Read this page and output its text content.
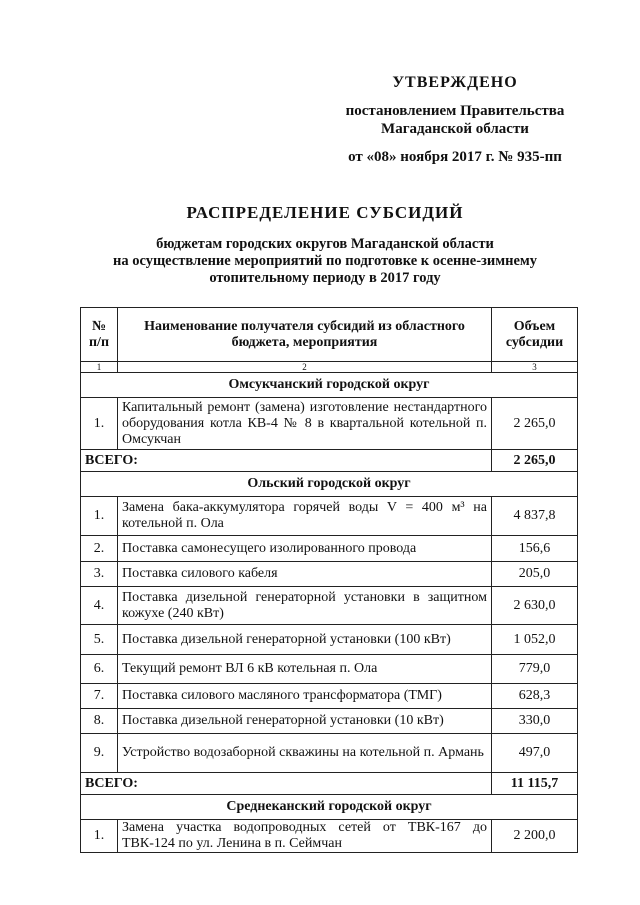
УТВЕРЖДЕНО
постановлением Правительства
Магаданской области
от «08» ноября 2017 г. № 935-пп
РАСПРЕДЕЛЕНИЕ СУБСИДИЙ
бюджетам городских округов Магаданской области
на осуществление мероприятий по подготовке к осенне-зимнему
отопительному периоду в 2017 году
№ п/п	Наименование получателя субсидий из областного бюджета, мероприятия	Объем субсидии
1	2	3
Омсукчанский городской округ		
1.	Капитальный ремонт (замена) изготовление нестандартного оборудования котла КВ-4 № 8 в квартальной котельной п. Омсукчан	2 265,0
ВСЕГО:		2 265,0
Ольский городской округ		
1.	Замена бака-аккумулятора горячей воды V = 400 м³ на котельной п. Ола	4 837,8
2.	Поставка самонесущего изолированного провода	156,6
3.	Поставка силового кабеля	205,0
4.	Поставка дизельной генераторной установки в защитном кожухе (240 кВт)	2 630,0
5.	Поставка дизельной генераторной установки (100 кВт)	1 052,0
6.	Текущий ремонт ВЛ 6 кВ котельная п. Ола	779,0
7.	Поставка силового масляного трансформатора (ТМГ)	628,3
8.	Поставка дизельной генераторной установки (10 кВт)	330,0
9.	Устройство водозаборной скважины на котельной п. Армань	497,0
ВСЕГО:		11 115,7
Среднеканский городской округ		
1.	Замена участка водопроводных сетей от ТВК-167 до ТВК-124 по ул. Ленина в п. Сеймчан	2 200,0
